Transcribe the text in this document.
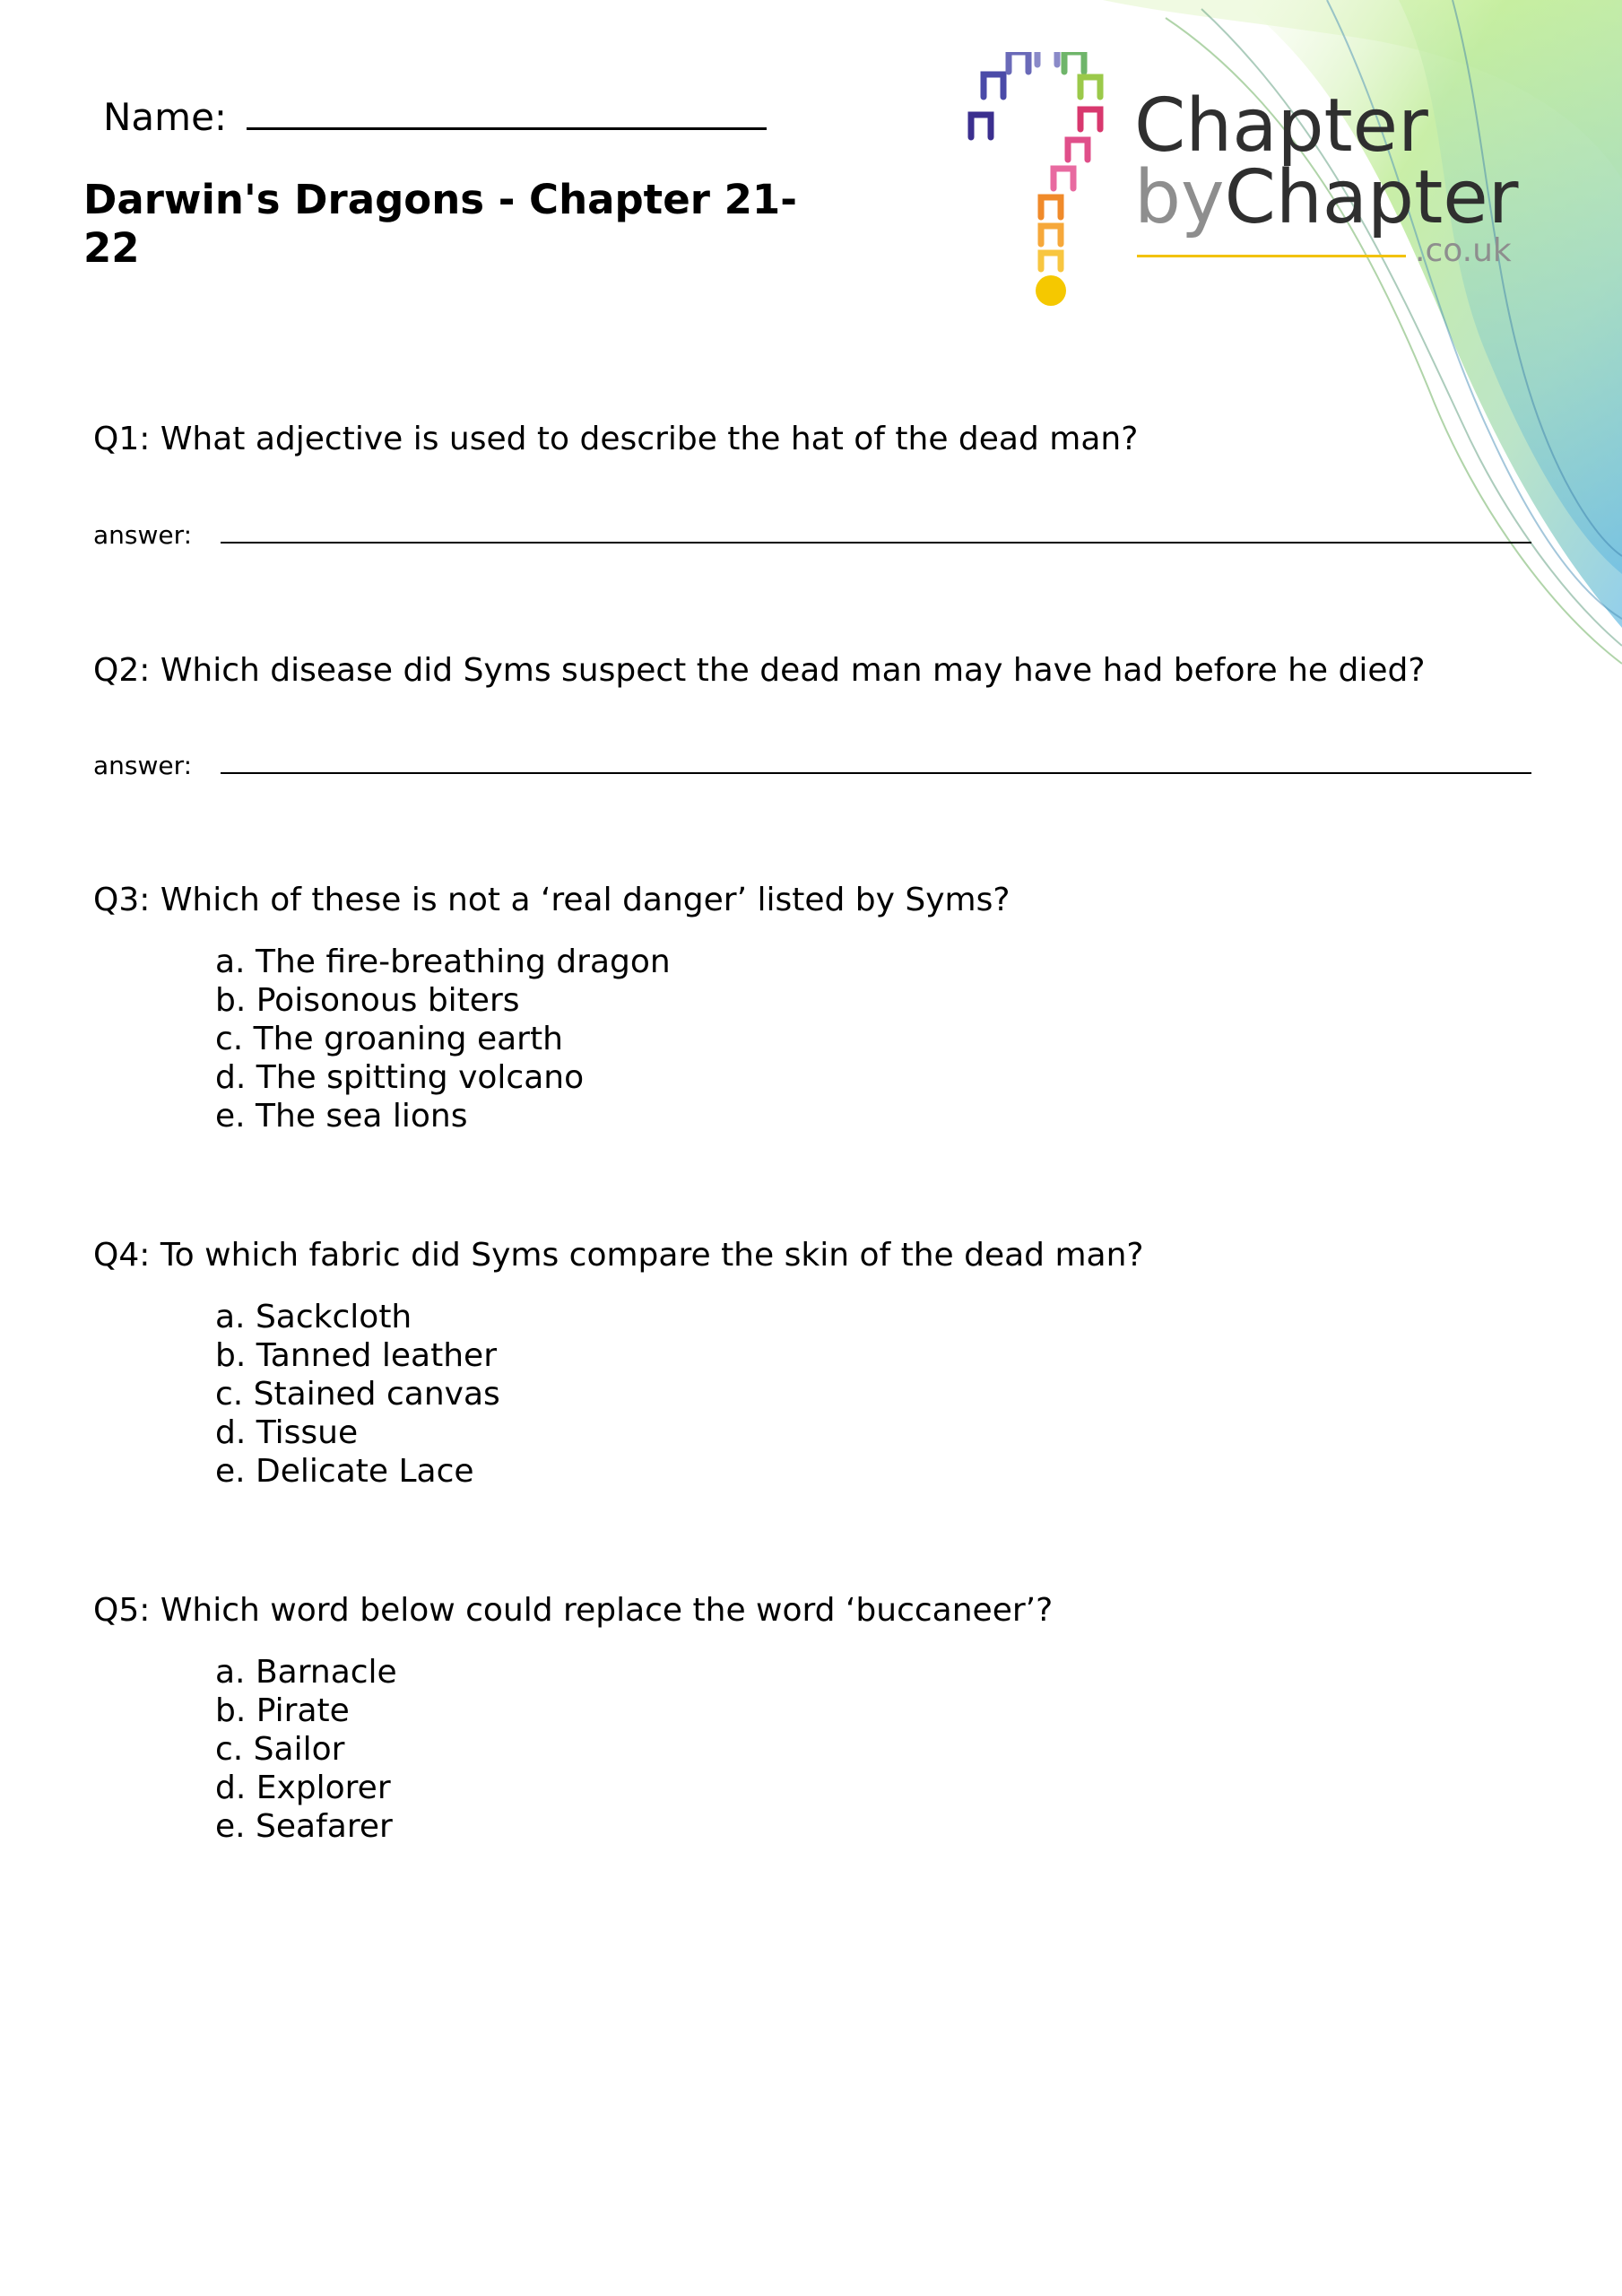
Name:
Darwin's Dragons - Chapter 21-22
Chapter
byChapter
.co.uk
Q1: What adjective is used to describe the hat of the dead man?
answer:
Q2: Which disease did Syms suspect the dead man may have had before he died?
answer:
Q3: Which of these is not a ‘real danger’ listed by Syms?
a. The fire-breathing dragon
b. Poisonous biters
c. The groaning earth
d. The spitting volcano
e. The sea lions
Q4: To which fabric did Syms compare the skin of the dead man?
a. Sackcloth
b. Tanned leather
c. Stained canvas
d. Tissue
e. Delicate Lace
Q5: Which word below could replace the word ‘buccaneer’?
a. Barnacle
b. Pirate
c. Sailor
d. Explorer
e. Seafarer
